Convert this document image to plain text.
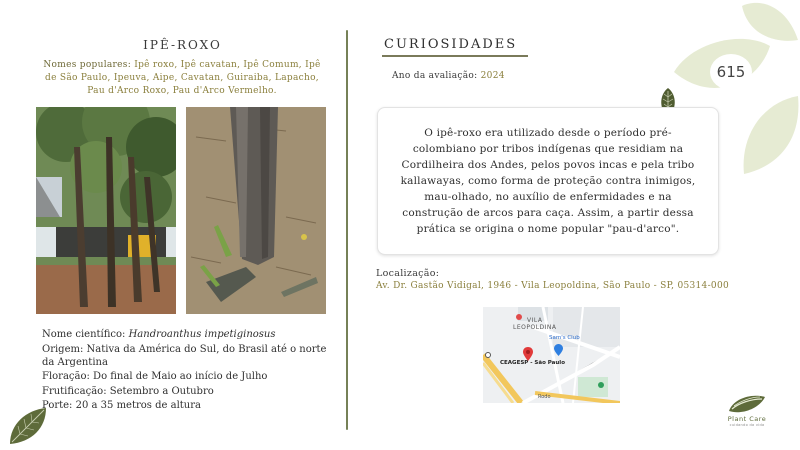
IPÊ-ROXO
Nomes populares: Ipê roxo, Ipê cavatan, Ipê Comum, Ipê de São Paulo, Ipeuva, Aipe, Cavatan, Guiraiba, Lapacho, Pau d'Arco Roxo, Pau d'Arco Vermelho.

Nome científico: Handroanthus impetiginosus

Origem: Nativa da América do Sul, do Brasil até o norte da Argentina

Floração: Do final de Maio ao início de Julho

Frutificação: Setembro a Outubro

Porte: 20 a 35 metros de altura

CURIOSIDADES
Ano da avaliação: 2024	615

O ipê-roxo era utilizado desde o período pré-colombiano por tribos indígenas que residiam na Cordilheira dos Andes, pelos povos incas e pela tribo kallawayas, como forma de proteção contra inimigos, mau-olhado, no auxílio de enfermidades e na construção de arcos para caça. Assim, a partir dessa prática se origina o nome popular "pau-d'arco".

Localização:
Av. Dr. Gastão Vidigal, 1946 - Vila Leopoldina, São Paulo - SP, 05314-000
VILA
LEOPOLDINA
Sam's Club
CEAGESP - São Paulo
Rodo
Plant Care
cuidando da vida
